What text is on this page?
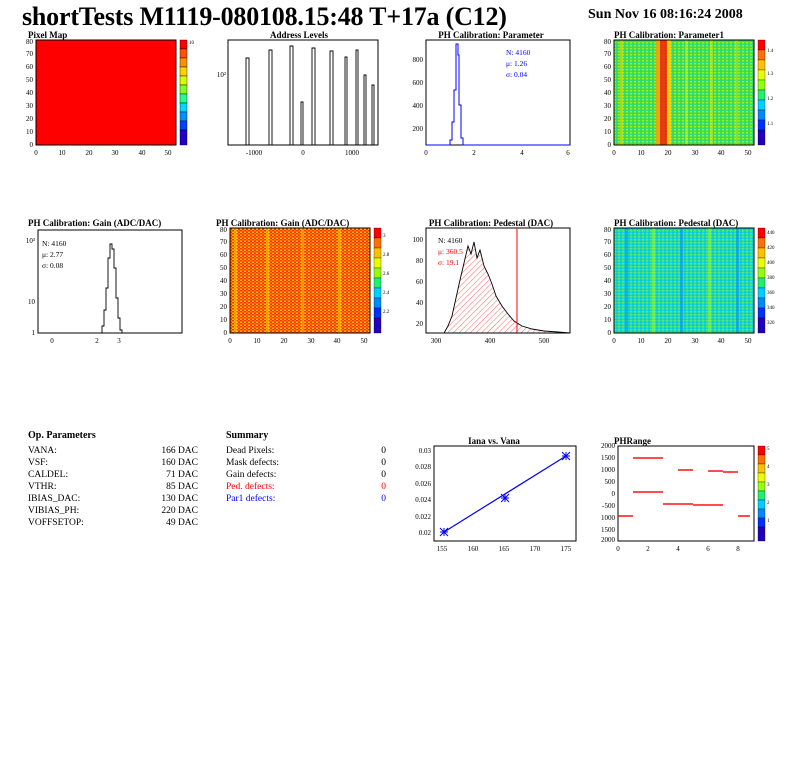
shortTests M1119-080108.15:48 T+17a (C12)	Sun Nov 16 08:16:24 2008
Pixel Map
0	10	20	30	40	50
0
10
20
30
40
50
60
70
80	10
Address Levels
-1000	0	1000
10²
PH Calibration: Parameter
0	2	4	6
200
400
600
800
N: 4160
μ: 1.26
σ: 0.04
PH Calibration: Parameter1
0	10	20	30	40	50
0
10
20
30
40
50
60
70
80
1.4
1.3
1.2
1.1
PH Calibration: Gain (ADC/DAC)
0	2	3
1
10
10³ N: 4160
μ: 2.77
σ: 0.08
PH Calibration: Gain (ADC/DAC)
0	10	20	30	40	50
0
10
20
30
40
50
60
70
80
3
2.8
2.6
2.4
2.2
PH Calibration: Pedestal (DAC)
300	400	500
20
40
60
80
100 N: 4160
μ: 360.5
σ: 19.1
PH Calibration: Pedestal (DAC)
0	10	20	30	40	50
0
10
20
30
40
50
60
70
80	440
420
400
380
360
340
320
Op. Parameters
VANA:	166 DAC
VSF:	160 DAC
CALDEL:	71 DAC
VTHR:	85 DAC
IBIAS_DAC:	130 DAC
VIBIAS_PH:	220 DAC
VOFFSETOP:	49 DAC
Summary
Dead Pixels:	0
Mask defects:	0
Gain defects:	0
Ped. defects:	0
Par1 defects:	0
Iana vs. Vana
155	160	165	170	175
0.02
0.022
0.024
0.026
0.028
0.03
PHRange
0	2	4	6	8
2000
1500
1000
500
0
-500
1000
1500
2000
5
4
3
2
1
